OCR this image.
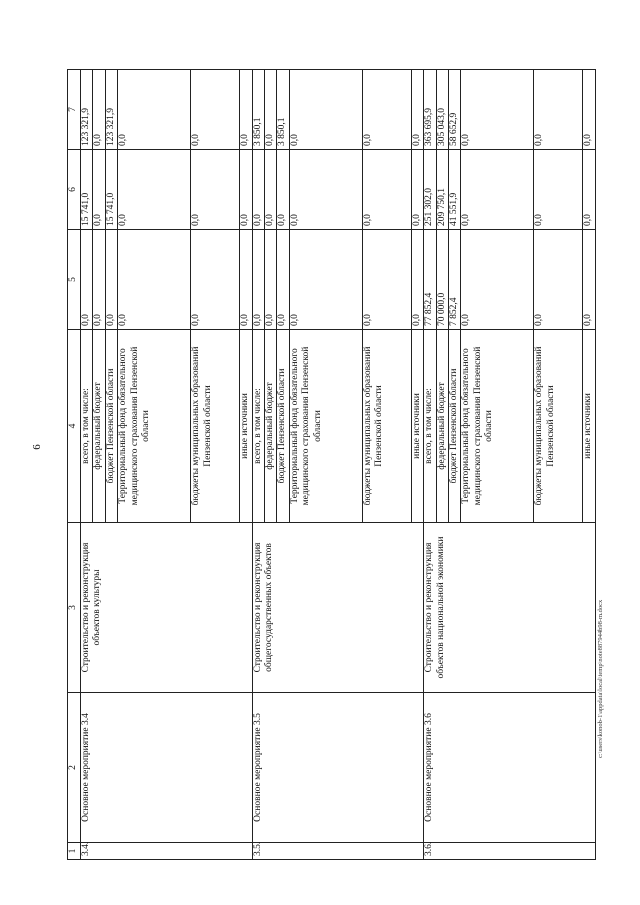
6
1	2	3	4	5	6	7
3.4.	Основное мероприятие 3.4	Строительство и реконструкция объектов культуры	всего, в том числе:	0,0	15 741,0	123 321,9
			федеральный бюджет	0,0	0,0	0,0
			бюджет Пензенской области	0,0	15 741,0	123 321,9
			Территориальный фонд обязательного медицинского страхования Пензенской области	0,0	0,0	0,0
			бюджеты муниципальных образований Пензенской области	0,0	0,0	0,0
			иные источники	0,0	0,0	0,0
3.5.	Основное мероприятие 3.5	Строительство и реконструкция общегосударственных объектов	всего, в том числе:	0,0	0,0	3 850,1
			федеральный бюджет	0,0	0,0	0,0
			бюджет Пензенской области	0,0	0,0	3 850,1
			Территориальный фонд обязательного медицинского страхования Пензенской области	0,0	0,0	0,0
			бюджеты муниципальных образований Пензенской области	0,0	0,0	0,0
			иные источники	0,0	0,0	0,0
3.6.	Основное мероприятие 3.6	Строительство и реконструкция объектов национальной экономики	всего, в том числе:	77 852,4	251 302,0	363 695,9
			федеральный бюджет	70 000,0	209 750,1	305 043,0
			бюджет Пензенской области	7 852,4	41 551,9	58 652,9
			Территориальный фонд обязательного медицинского страхования Пензенской области	0,0	0,0	0,0
			бюджеты муниципальных образований Пензенской области	0,0	0,0	0,0
			иные источники	0,0	0,0	0,0
c:\users\konob-1\appdata\local\temp\note887944b98-m.docx
